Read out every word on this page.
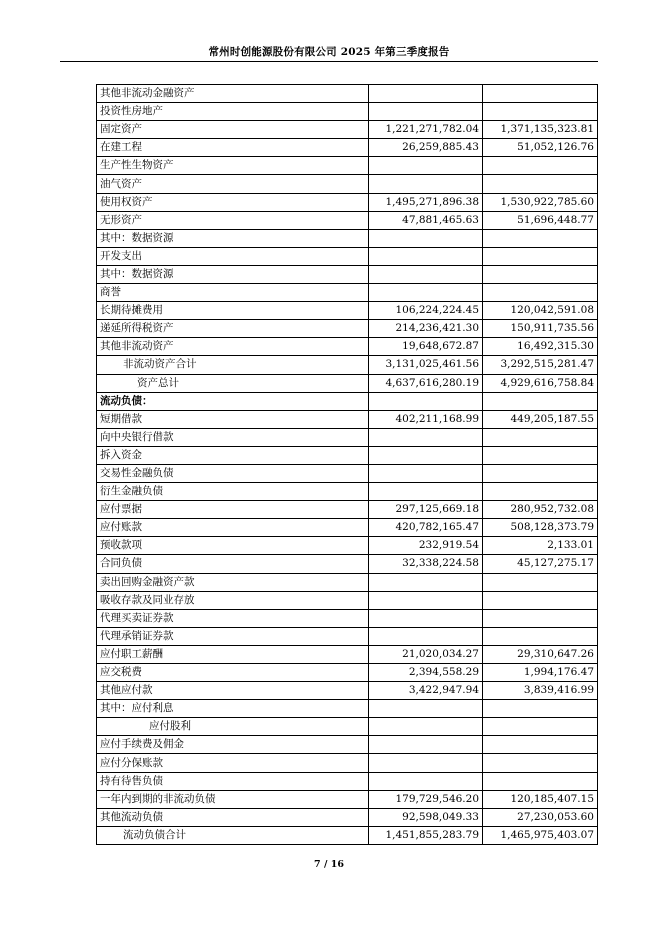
常州时创能源股份有限公司 2025 年第三季度报告
其他非流动金融资产		
投资性房地产		
固定资产	1,221,271,782.04	1,371,135,323.81
在建工程	26,259,885.43	51,052,126.76
生产性生物资产		
油气资产		
使用权资产	1,495,271,896.38	1,530,922,785.60
无形资产	47,881,465.63	51,696,448.77
其中：数据资源		
开发支出		
其中：数据资源		
商誉		
长期待摊费用	106,224,224.45	120,042,591.08
递延所得税资产	214,236,421.30	150,911,735.56
其他非流动资产	19,648,672.87	16,492,315.30
非流动资产合计	3,131,025,461.56	3,292,515,281.47
资产总计	4,637,616,280.19	4,929,616,758.84
流动负债：		
短期借款	402,211,168.99	449,205,187.55
向中央银行借款		
拆入资金		
交易性金融负债		
衍生金融负债		
应付票据	297,125,669.18	280,952,732.08
应付账款	420,782,165.47	508,128,373.79
预收款项	232,919.54	2,133.01
合同负债	32,338,224.58	45,127,275.17
卖出回购金融资产款		
吸收存款及同业存放		
代理买卖证券款		
代理承销证券款		
应付职工薪酬	21,020,034.27	29,310,647.26
应交税费	2,394,558.29	1,994,176.47
其他应付款	3,422,947.94	3,839,416.99
其中：应付利息		
应付股利		
应付手续费及佣金		
应付分保账款		
持有待售负债		
一年内到期的非流动负债	179,729,546.20	120,185,407.15
其他流动负债	92,598,049.33	27,230,053.60
流动负债合计	1,451,855,283.79	1,465,975,403.07
7 / 16
